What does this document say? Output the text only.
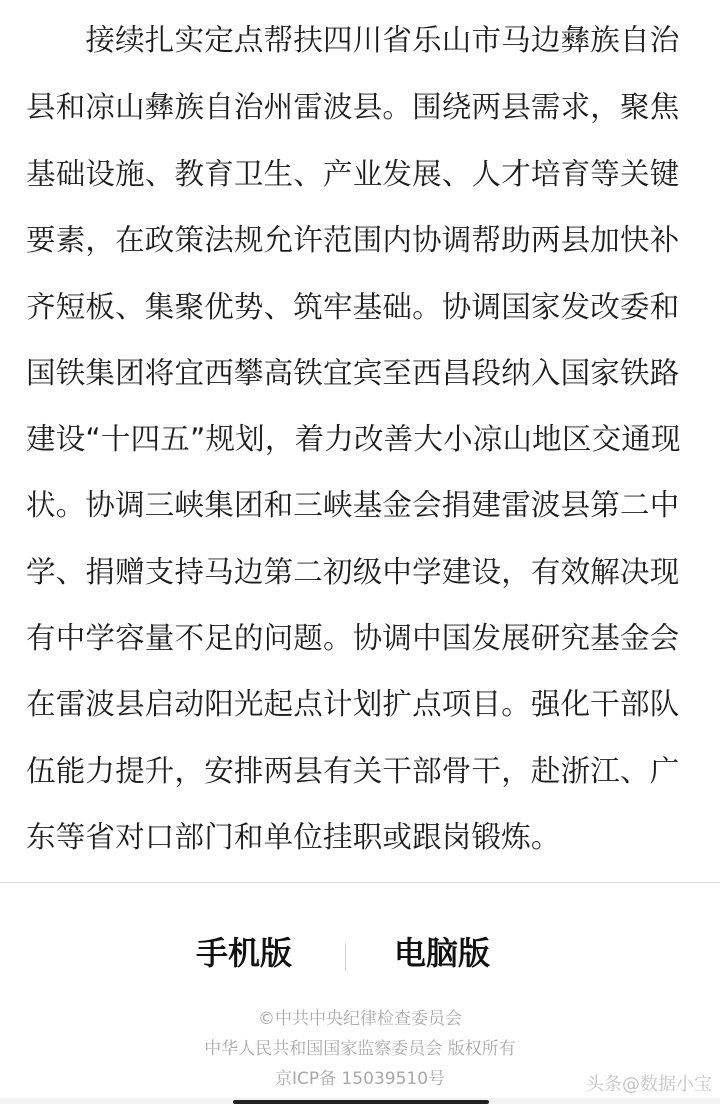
　　接续扎实定点帮扶四川省乐山市马边彝族自治
县和凉山彝族自治州雷波县。围绕两县需求，聚焦
基础设施、教育卫生、产业发展、人才培育等关键
要素，在政策法规允许范围内协调帮助两县加快补
齐短板、集聚优势、筑牢基础。协调国家发改委和
国铁集团将宜西攀高铁宜宾至西昌段纳入国家铁路
建设“十四五”规划，着力改善大小凉山地区交通现
状。协调三峡集团和三峡基金会捐建雷波县第二中
学、捐赠支持马边第二初级中学建设，有效解决现
有中学容量不足的问题。协调中国发展研究基金会
在雷波县启动阳光起点计划扩点项目。强化干部队
伍能力提升，安排两县有关干部骨干，赴浙江、广
东等省对口部门和单位挂职或跟岗锻炼。
手机版	电脑版
©中共中央纪律检查委员会
中华人民共和国国家监察委员会 版权所有
京ICP备 15039510号	头条@数据小宝
